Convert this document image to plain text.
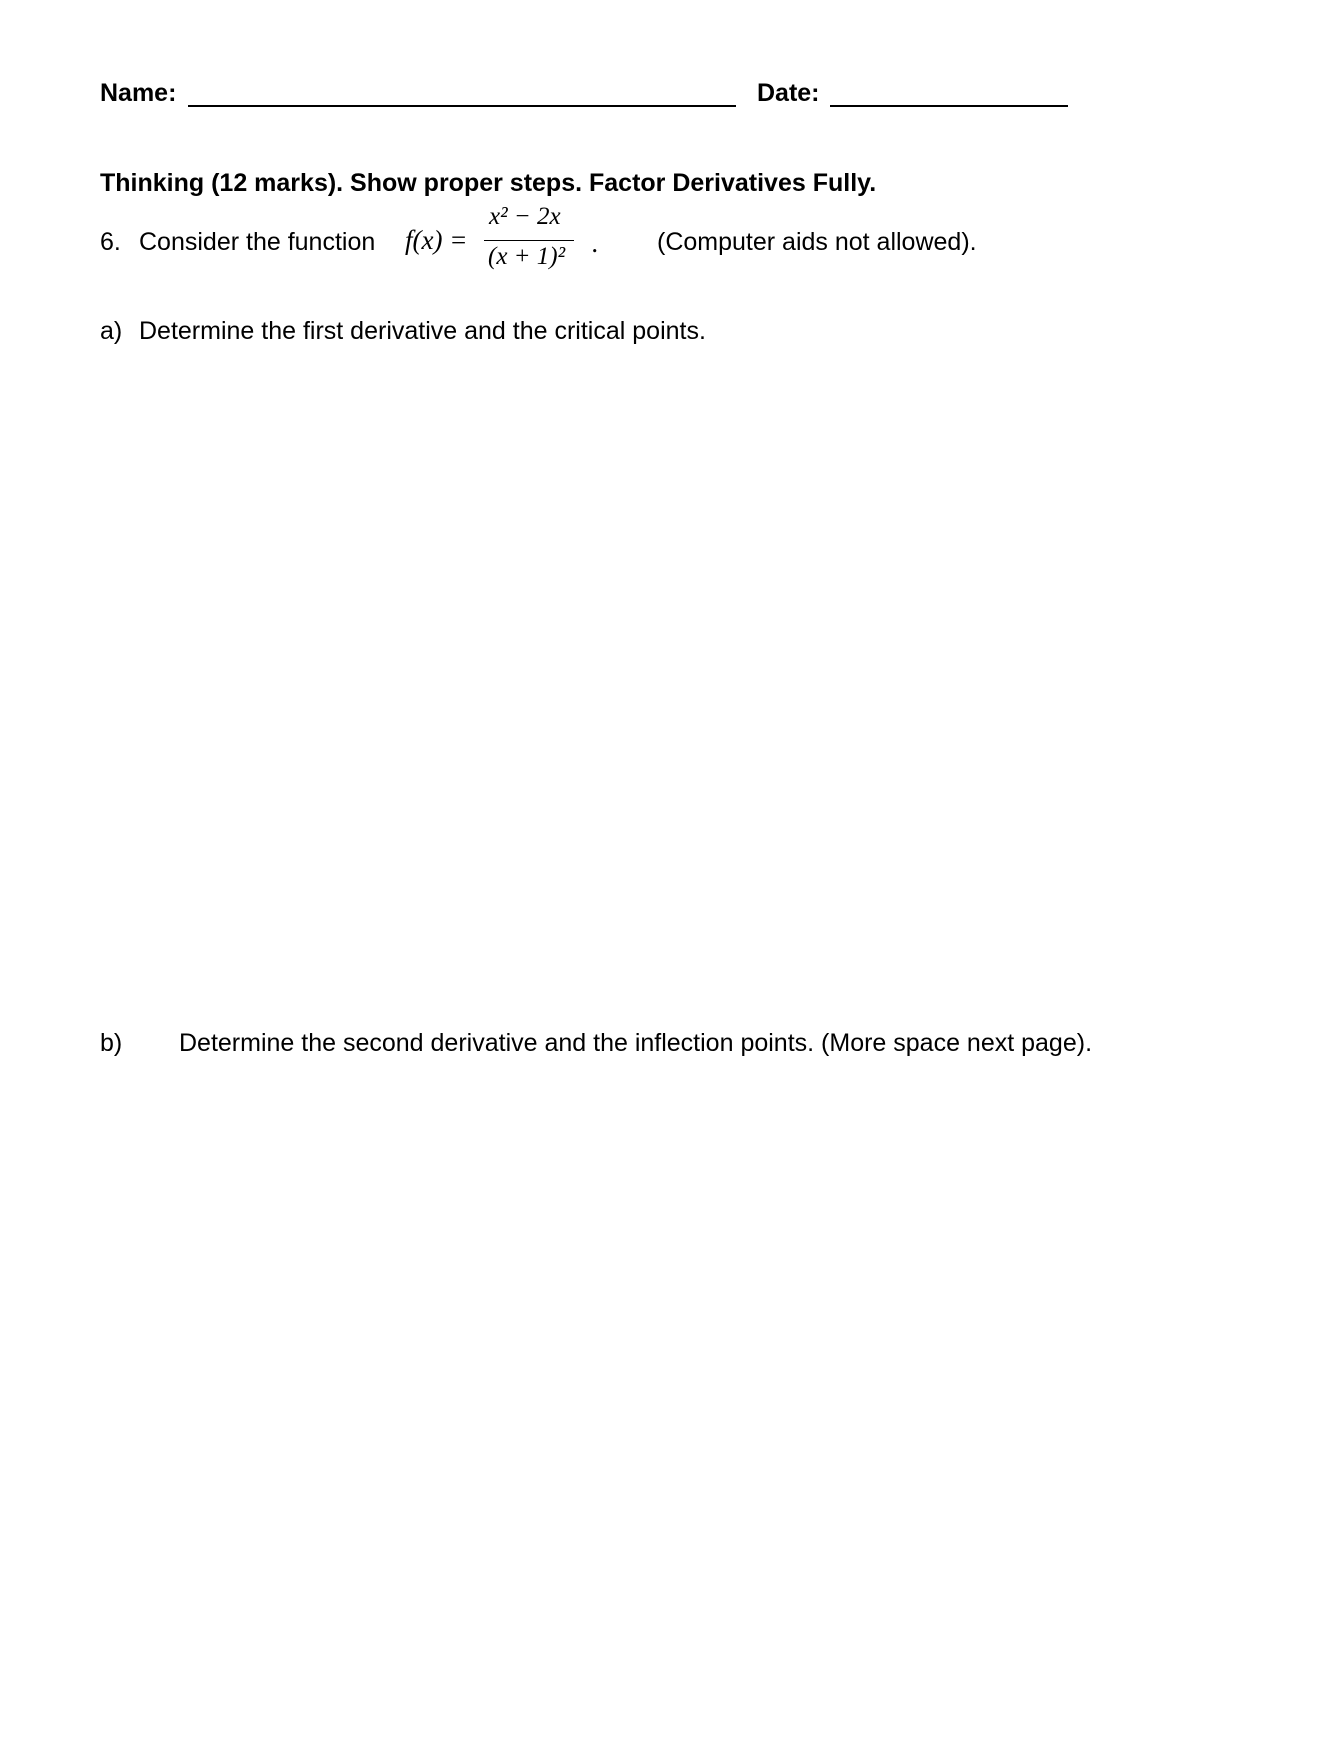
Name:	Date:
Thinking (12 marks). Show proper steps. Factor Derivatives Fully.
6. Consider the function f(x) =
x² − 2x
(x + 1)² . (Computer aids not allowed).
a) Determine the first derivative and the critical points.
b) Determine the second derivative and the inflection points. (More space next page).
